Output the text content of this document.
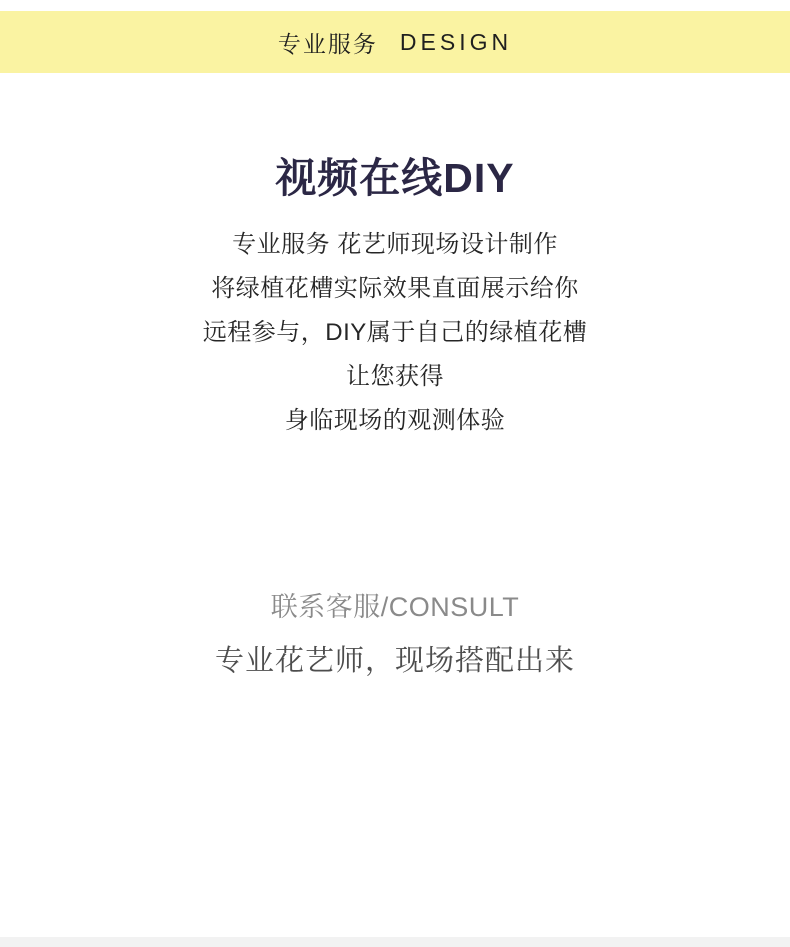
专业服务 DESIGN
视频在线DIY
专业服务 花艺师现场设计制作
将绿植花槽实际效果直面展示给你
远程参与，DIY属于自己的绿植花槽
让您获得
身临现场的观测体验
联系客服/CONSULT
专业花艺师，现场搭配出来
